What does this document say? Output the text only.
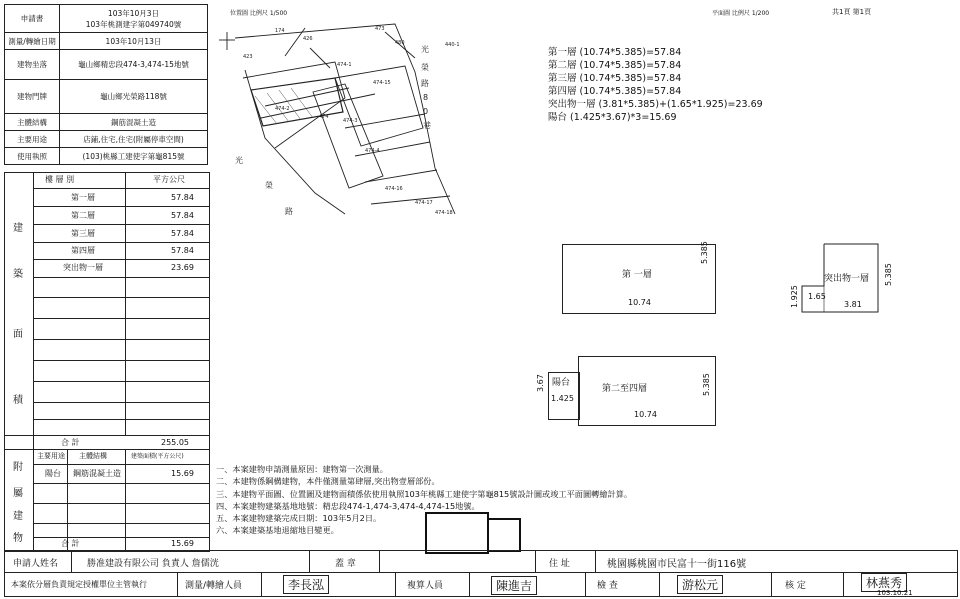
申請書	103年10月3日
103年桃測建字第049740號

測量/轉繪日期	103年10月13日
建物坐落	龜山鄉精忠段474-3,474-15地號
建物門牌	龜山鄉光榮路118號
主體結構	鋼筋混凝土造
主要用途	店鋪,住宅,住宅(附屬停車空間)
使用執照	(103)桃縣工建使字第龜815號
樓 層 別	平方公尺
第一層	57.84
第二層	57.84
第三層	57.84
第四層	57.84
突出物一層	23.69
建
築
面
積
合 計	255.05
主要用途 主體結構	建築面積(平方公尺)
陽台 鋼筋混凝土造	15.69
附
屬
建
物	合 計	15.69
位置圖 比例尺 1/500
474
474-2
474-3
474-4
474-15
474-16
474-17
474-18
474-1
473
426
440-1
423
480
174
光
榮
路
8
0
巷
光
榮
路
平面圖 比例尺 1/200	共1頁 第1頁
第一層 (10.74*5.385)=57.84
第二層 (10.74*5.385)=57.84
第三層 (10.74*5.385)=57.84
第四層 (10.74*5.385)=57.84
突出物一層 (3.81*5.385)+(1.65*1.925)=23.69
陽台 (1.425*3.67)*3=15.69
第 一層
10.74
5.385
突出物一層
3.81
1.65
1.925
5.385
第二至四層
10.74
5.385
陽台
1.425
3.67
一、本案建物申請測量原因：建物第一次測量。
二、本建物係鋼構建物，本件僅測量第肆層,突出物壹層部份。
三、本建物平面圖、位置圖及建物面積係依使用執照103年桃縣工建使字第龜815號設計圖或竣工平面圖轉繪計算。
四、本案建物建築基地地號：精忠段474-1,474-3,474-4,474-15地號。
五、本案建物建築完成日期：103年5月2日。
六、本案建築基地退縮地目變更。
申請人姓名	勝准建設有限公司 負責人 詹儒洸	蓋 章	住 址	桃園縣桃園市民富十一街116號
本案依分層負責規定授權單位主管執行	測量/轉繪人員	李長泓	複算人員	陳進吉	檢 查	游松元	核 定	林燕秀
103.10.21
